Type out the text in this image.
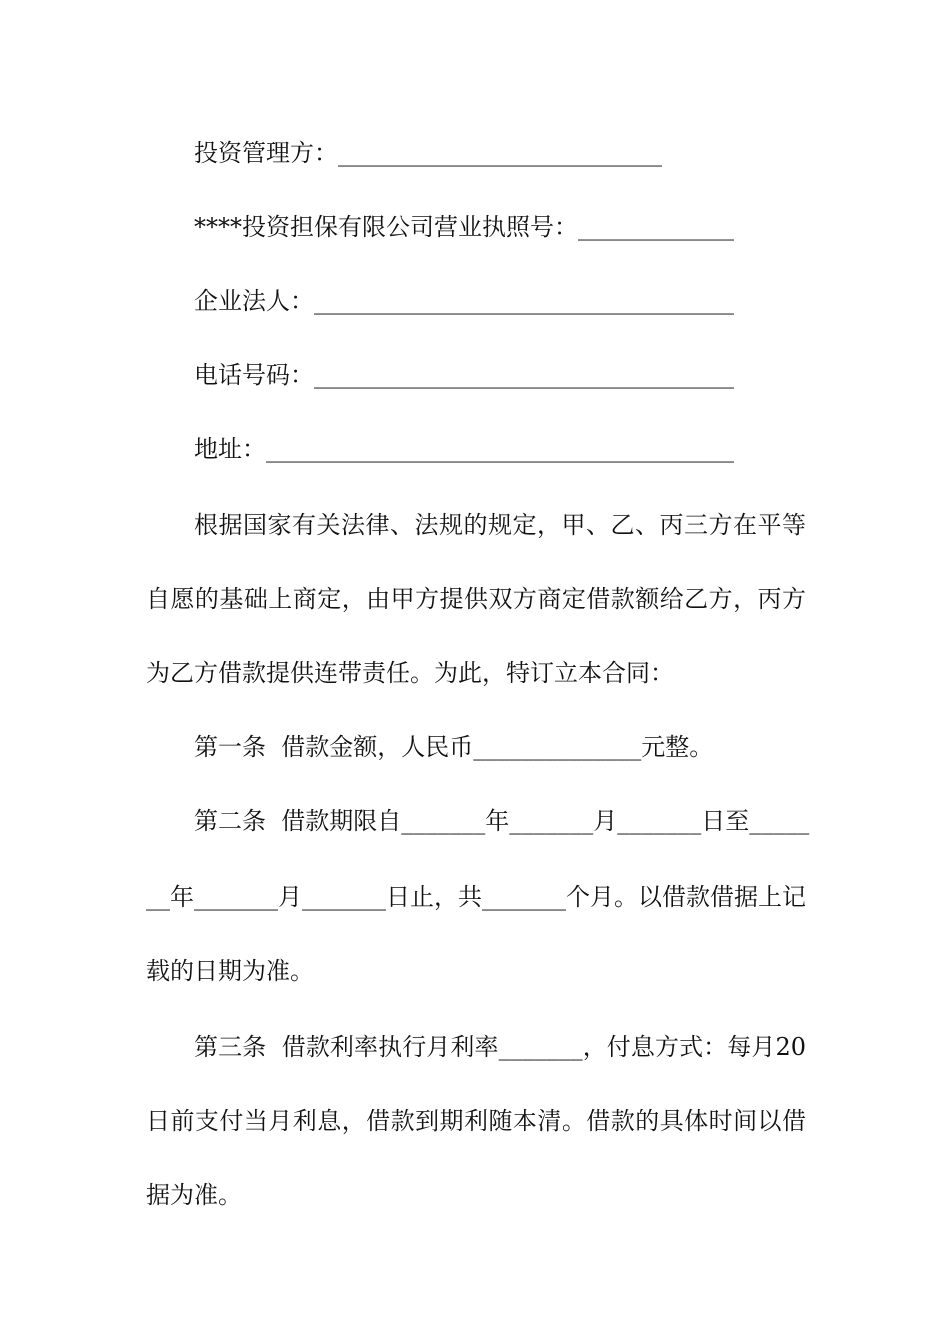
投资管理方：___________________________
****投资担保有限公司营业执照号：_____________
企业法人：___________________________________
电话号码：___________________________________
地址：_______________________________________
根据国家有关法律、法规的规定，甲、乙、丙三方在平等
自愿的基础上商定，由甲方提供双方商定借款额给乙方，丙方
为乙方借款提供连带责任。为此，特订立本合同：
第一条  借款金额，人民币______________元整。
第二条  借款期限自_______年_______月_______日至_____
__年_______月_______日止，共_______个月。以借款借据上记
载的日期为准。
第三条  借款利率执行月利率_______，付息方式：每月20
日前支付当月利息，借款到期利随本清。借款的具体时间以借
据为准。
